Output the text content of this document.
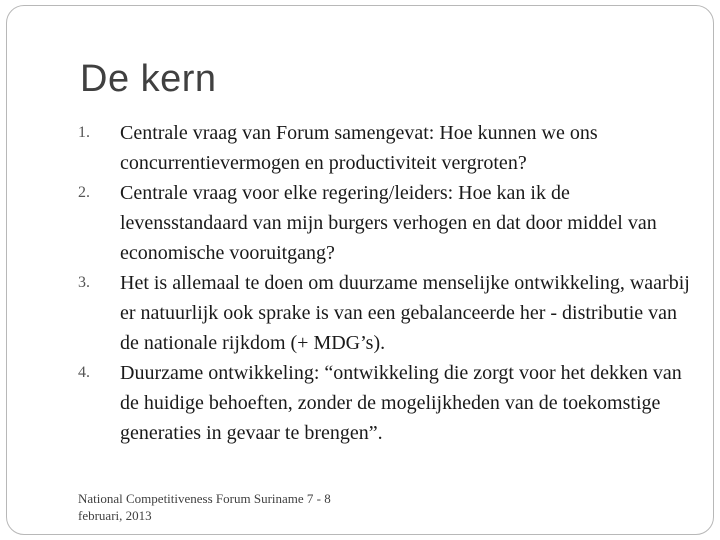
De kern
1. Centrale vraag van Forum samengevat: Hoe kunnen we ons concurrentievermogen en productiviteit vergroten?
2. Centrale vraag voor elke regering/leiders: Hoe kan ik de levensstandaard van mijn burgers verhogen en dat door middel van economische vooruitgang?
3. Het is allemaal te doen om duurzame menselijke ontwikkeling, waarbij er natuurlijk ook sprake is van een gebalanceerde her - distributie van de nationale rijkdom (+ MDG’s).
4. Duurzame ontwikkeling: “ontwikkeling die zorgt voor het dekken van de huidige behoeften, zonder de mogelijkheden van de toekomstige generaties in gevaar te brengen”.
National Competitiveness Forum Suriname 7 - 8 februari, 2013
